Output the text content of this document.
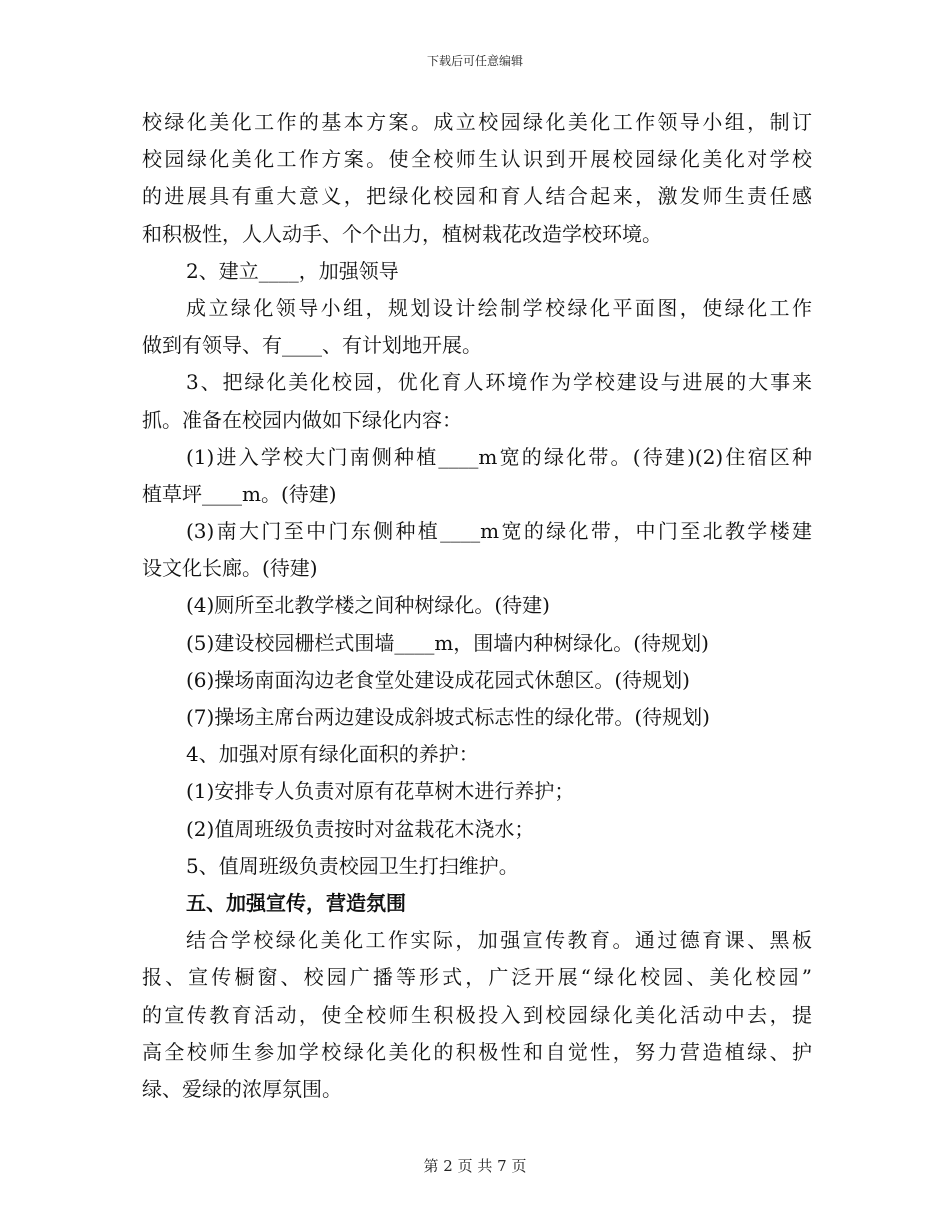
下载后可任意编辑
校绿化美化工作的基本方案。成立校园绿化美化工作领导小组，制订
校园绿化美化工作方案。使全校师生认识到开展校园绿化美化对学校
的进展具有重大意义，把绿化校园和育人结合起来，激发师生责任感
和积极性，人人动手、个个出力，植树栽花改造学校环境。
2、建立____，加强领导
成立绿化领导小组，规划设计绘制学校绿化平面图，使绿化工作
做到有领导、有____、有计划地开展。
3、把绿化美化校园，优化育人环境作为学校建设与进展的大事来
抓。准备在校园内做如下绿化内容：
(1)进入学校大门南侧种植____m宽的绿化带。(待建)(2)住宿区种
植草坪____m。(待建)
(3)南大门至中门东侧种植____m宽的绿化带，中门至北教学楼建
设文化长廊。(待建)
(4)厕所至北教学楼之间种树绿化。(待建)
(5)建设校园栅栏式围墙____m，围墙内种树绿化。(待规划)
(6)操场南面沟边老食堂处建设成花园式休憩区。(待规划)
(7)操场主席台两边建设成斜坡式标志性的绿化带。(待规划)
4、加强对原有绿化面积的养护：
(1)安排专人负责对原有花草树木进行养护；
(2)值周班级负责按时对盆栽花木浇水；
5、值周班级负责校园卫生打扫维护。
五、加强宣传，营造氛围
结合学校绿化美化工作实际，加强宣传教育。通过德育课、黑板
报、宣传橱窗、校园广播等形式，广泛开展“绿化校园、美化校园”
的宣传教育活动，使全校师生积极投入到校园绿化美化活动中去，提
高全校师生参加学校绿化美化的积极性和自觉性，努力营造植绿、护
绿、爱绿的浓厚氛围。
第 2 页 共 7 页
